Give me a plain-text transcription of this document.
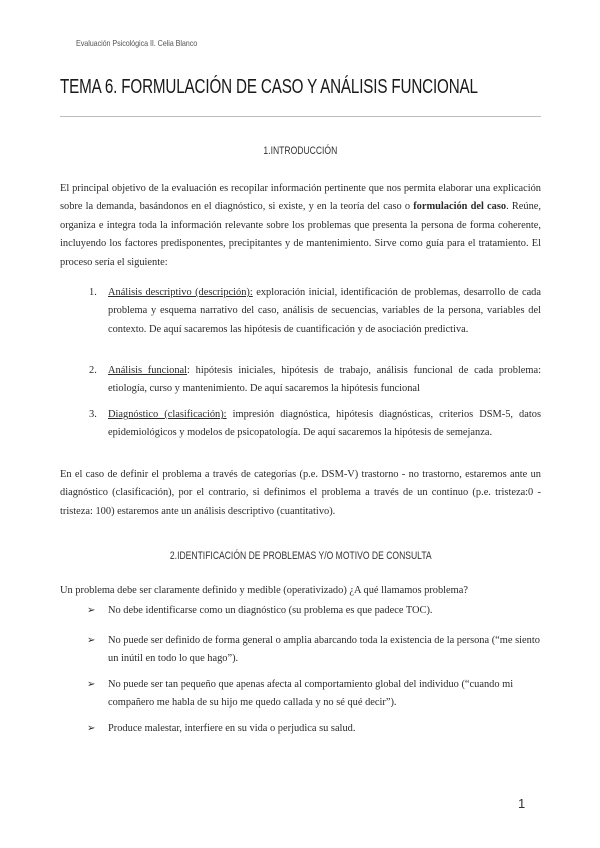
Evaluación Psicológica II. Celia Blanco
TEMA 6. FORMULACIÓN DE CASO Y ANÁLISIS FUNCIONAL
1.INTRODUCCIÓN

El principal objetivo de la evaluación es recopilar información pertinente que nos permita elaborar una explicación sobre la demanda, basándonos en el diagnóstico, si existe, y en la teoría del caso o formulación del caso. Reúne, organiza e integra toda la información relevante sobre los problemas que presenta la persona de forma coherente, incluyendo los factores predisponentes, precipitantes y de mantenimiento. Sirve como guía para el tratamiento. El proceso sería el siguiente:

1. Análisis descriptivo (descripción): exploración inicial, identificación de problemas, desarrollo de cada problema y esquema narrativo del caso, análisis de secuencias, variables de la persona, variables del contexto. De aquí sacaremos las hipótesis de cuantificación y de asociación predictiva.

2. Análisis funcional: hipótesis iniciales, hipótesis de trabajo, análisis funcional de cada problema: etiología, curso y mantenimiento. De aquí sacaremos la hipótesis funcional

3. Diagnóstico (clasificación): impresión diagnóstica, hipótesis diagnósticas, criterios DSM-5, datos epidemiológicos y modelos de psicopatología. De aquí sacaremos la hipótesis de semejanza.

En el caso de definir el problema a través de categorías (p.e. DSM-V) trastorno - no trastorno, estaremos ante un diagnóstico (clasificación), por el contrario, si definimos el problema a través de un continuo (p.e. tristeza:0 - tristeza: 100) estaremos ante un análisis descriptivo (cuantitativo).

2.IDENTIFICACIÓN DE PROBLEMAS Y/O MOTIVO DE CONSULTA

Un problema debe ser claramente definido y medible (operativizado) ¿A qué llamamos problema?

➢ No debe identificarse como un diagnóstico (su problema es que padece TOC).

➢ No puede ser definido de forma general o amplia abarcando toda la existencia de la persona (“me siento un inútil en todo lo que hago”).

➢ No puede ser tan pequeño que apenas afecta al comportamiento global del individuo (“cuando mi compañero me habla de su hijo me quedo callada y no sé qué decir”).

➢ Produce malestar, interfiere en su vida o perjudica su salud.

1
